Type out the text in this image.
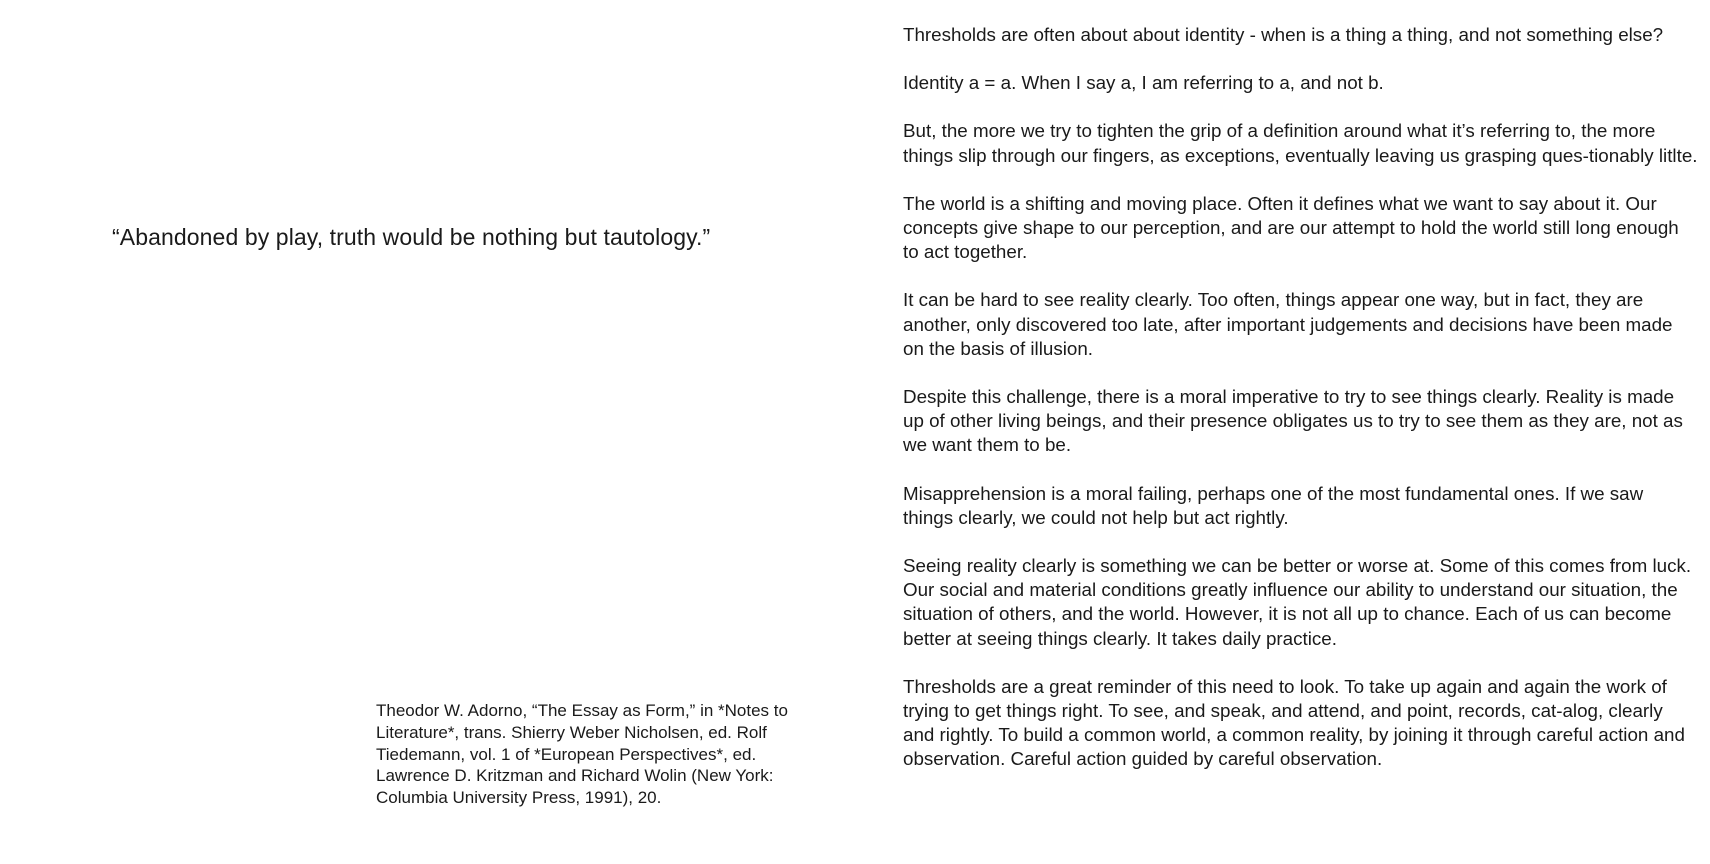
“Abandoned by play, truth would be nothing but tautology.”

Theodor W. Adorno, “The Essay as Form,” in *Notes to Literature*, trans. Shierry Weber Nicholsen, ed. Rolf Tiedemann, vol. 1 of *European Perspectives*, ed. Lawrence D. Kritzman and Richard Wolin (New York: Columbia University Press, 1991), 20.

Thresholds are often about about identity - when is a thing a thing, and not something else?

Identity a = a. When I say a, I am referring to a, and not b.

But, the more we try to tighten the grip of a definition around what it’s referring to, the more things slip through our fingers, as exceptions, eventually leaving us grasping ques-tionably litlte.

The world is a shifting and moving place. Often it defines what we want to say about it. Our concepts give shape to our perception, and are our attempt to hold the world still long enough to act together.

It can be hard to see reality clearly. Too often, things appear one way, but in fact, they are another, only discovered too late, after important judgements and decisions have been made on the basis of illusion.

Despite this challenge, there is a moral imperative to try to see things clearly. Reality is made up of other living beings, and their presence obligates us to try to see them as they are, not as we want them to be.

Misapprehension is a moral failing, perhaps one of the most fundamental ones. If we saw things clearly, we could not help but act rightly.

Seeing reality clearly is something we can be better or worse at. Some of this comes from luck. Our social and material conditions greatly influence our ability to understand our situation, the situation of others, and the world. However, it is not all up to chance. Each of us can become better at seeing things clearly. It takes daily practice.

Thresholds are a great reminder of this need to look. To take up again and again the work of trying to get things right. To see, and speak, and attend, and point, records, cat-alog, clearly and rightly. To build a common world, a common reality, by joining it through careful action and observation. Careful action guided by careful observation.
